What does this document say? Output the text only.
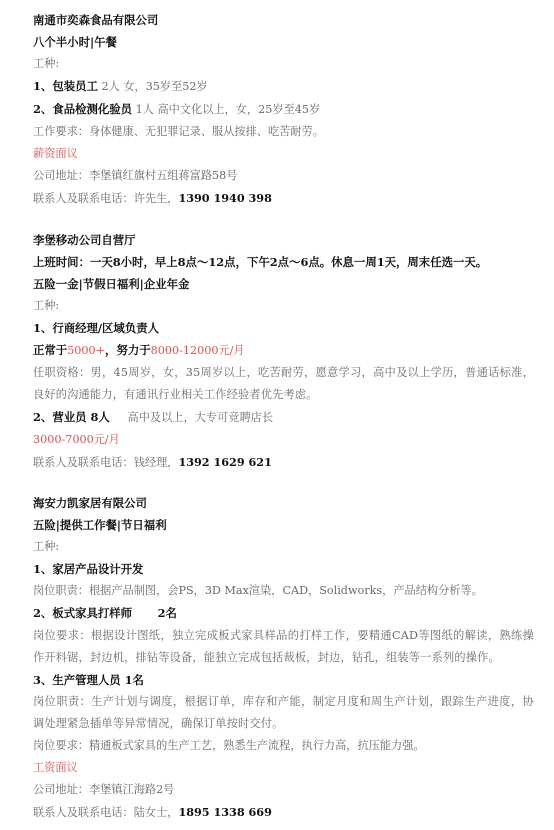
南通市奕森食品有限公司
八个半小时|午餐
工种:
1、包装员工 2人 女，35岁至52岁
2、食品检测化验员 1人 高中文化以上，女，25岁至45岁
工作要求：身体健康、无犯罪记录、服从按排、吃苦耐劳。
薪资面议
公司地址：李堡镇红旗村五组蒋富路58号
联系人及联系电话：许先生，1390 1940 398
李堡移动公司自营厅
上班时间：一天8小时，早上8点～12点，下午2点～6点。休息一周1天，周末任选一天。
五险一金|节假日福利|企业年金
工种:
1、行商经理/区域负责人
正常于5000+，努力于8000-12000元/月
任职资格：男，45周岁，女，35周岁以上，吃苦耐劳，愿意学习，高中及以上学历，普通话标准，良好的沟通能力，有通讯行业相关工作经验者优先考虑。
2、营业员 8人     高中及以上，大专可竞聘店长
3000-7000元/月
联系人及联系电话：钱经理，1392 1629 621
海安力凯家居有限公司
五险|提供工作餐|节日福利
工种:
1、家居产品设计开发
岗位职责：根据产品制图，会PS，3D Max渲染，CAD，Solidworks，产品结构分析等。
2、板式家具打样师 2名
岗位要求：根据设计图纸，独立完成板式家具样品的打样工作，要精通CAD等图纸的解读，熟练操作开料锯，封边机，排钻等设备，能独立完成包括裁板，封边，钻孔，组装等一系列的操作。
3、生产管理人员 1名
岗位职责：生产计划与调度，根据订单，库存和产能，制定月度和周生产计划，跟踪生产进度，协调处理紧急插单等异常情况，确保订单按时交付。
岗位要求：精通板式家具的生产工艺，熟悉生产流程，执行力高，抗压能力强。
工资面议
公司地址：李堡镇江海路2号
联系人及联系电话：陆女士，1895 1338 669
